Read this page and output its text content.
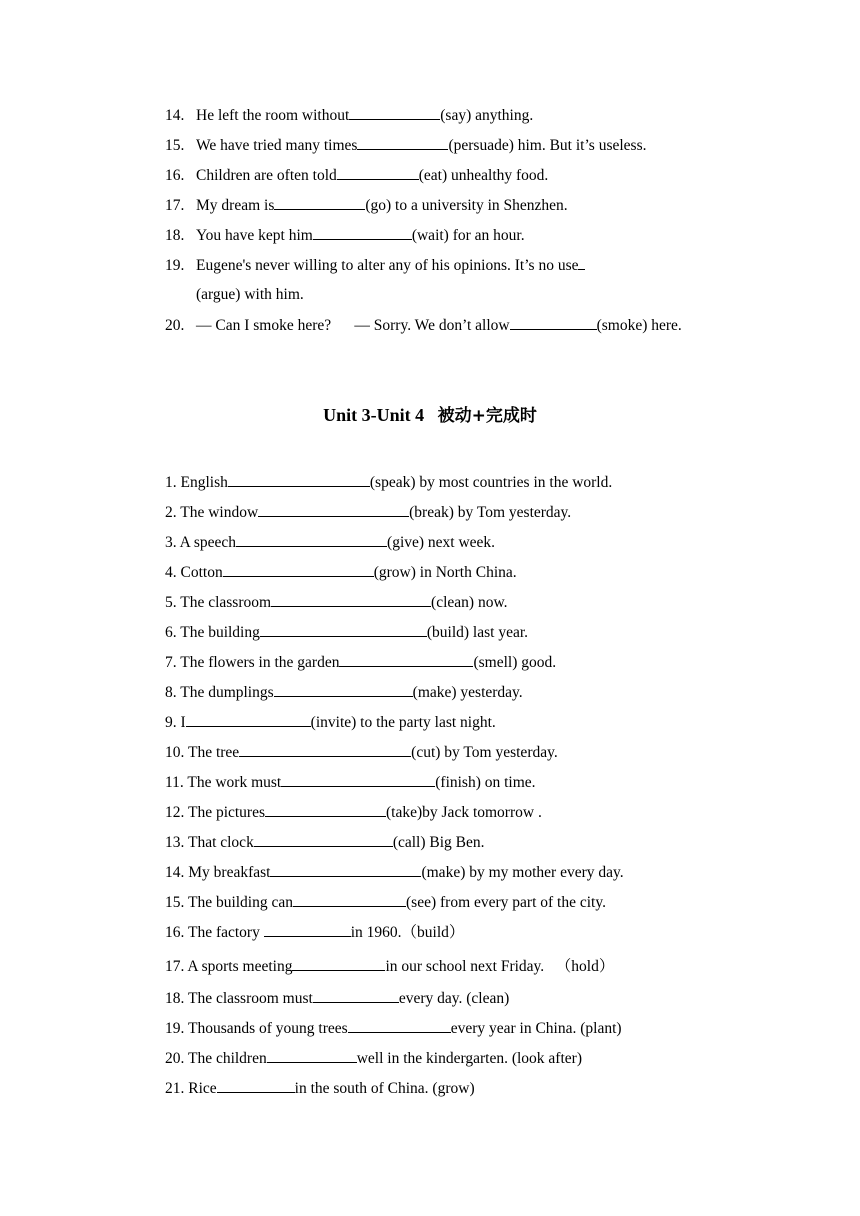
14. He left the room without	(say) anything.
15. We have tried many times	(persuade) him. But it’s useless.
16. Children are often told	(eat) unhealthy food.
17. My dream is	(go) to a university in Shenzhen.
18. You have kept him	(wait) for an hour.
19. Eugene's never willing to alter any of his opinions. It’s no use
(argue) with him.
20. — Can I smoke here?      — Sorry. We don’t allow	(smoke) here.
Unit 3-Unit 4 被动+完成时
1. English	(speak) by most countries in the world.
2. The window	(break) by Tom yesterday.
3. A speech	(give) next week.
4. Cotton	(grow) in North China.
5. The classroom	(clean) now.
6. The building	(build) last year.
7. The flowers in the garden	(smell) good.
8. The dumplings	(make) yesterday.
9. I	(invite) to the party last night.
10. The tree	(cut) by Tom yesterday.
11. The work must	(finish) on time.
12. The pictures	(take)by Jack tomorrow .
13. That clock	(call) Big Ben.
14. My breakfast	(make) by my mother every day.
15. The building can	(see) from every part of the city.
16. The factory	in 1960.（build）
17. A sports meeting	in our school next Friday.   （hold）
18. The classroom must	every day. (clean)
19. Thousands of young trees	every year in China. (plant)
20. The children	well in the kindergarten. (look after)
21. Rice	in the south of China. (grow)
